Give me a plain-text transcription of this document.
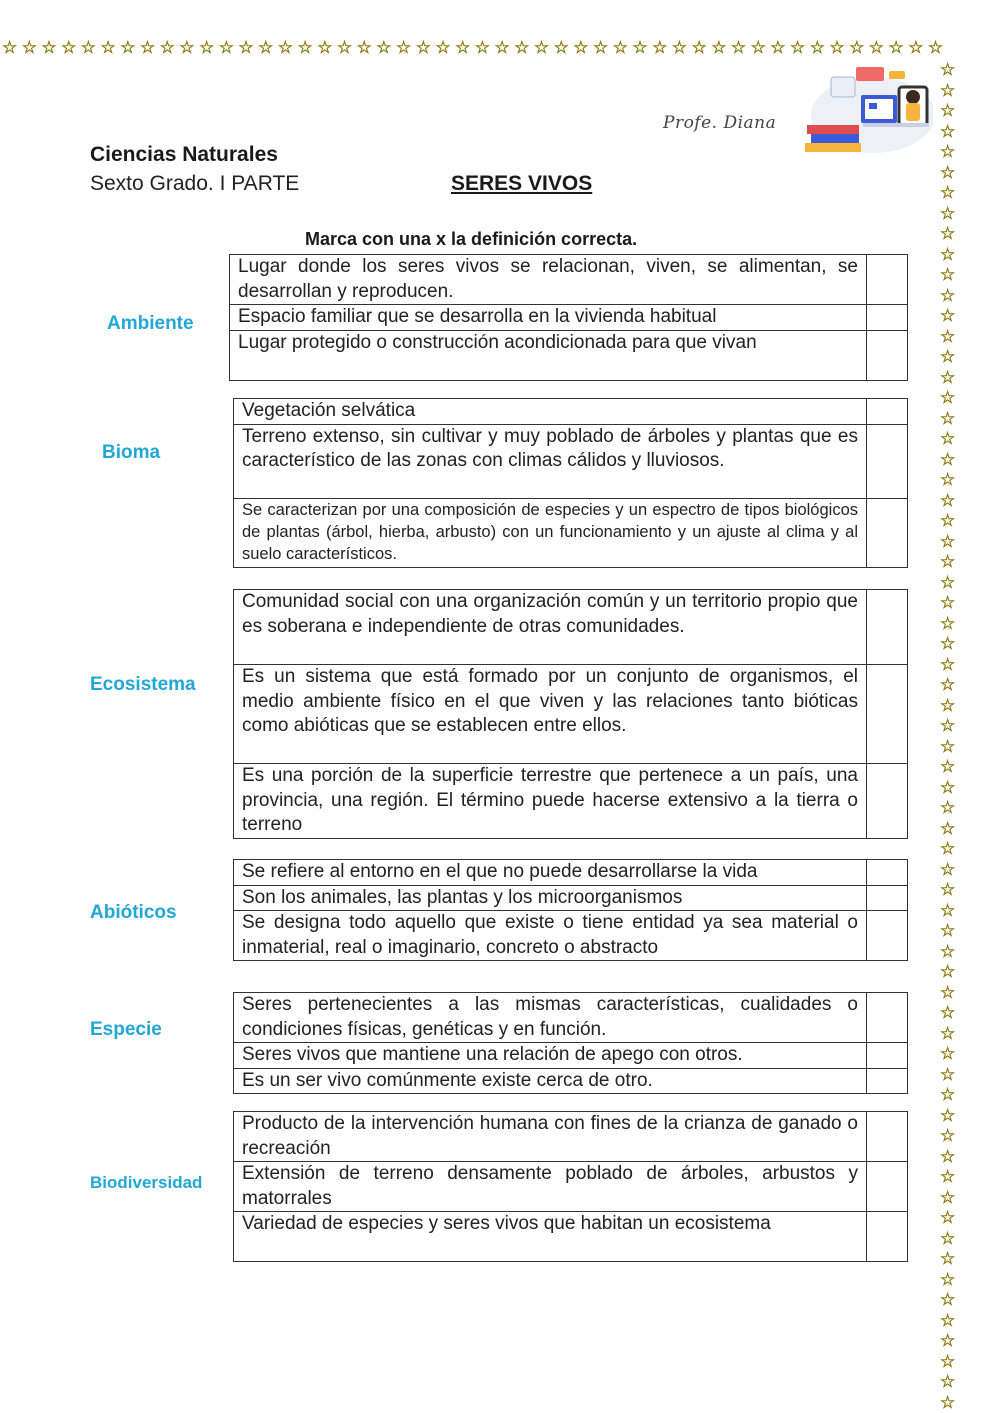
☆ ☆ ☆ ☆ ☆ ☆ ☆ ☆ ☆ ☆ ☆ ☆ ☆ ☆ ☆ ☆ ☆ ☆ ☆ ☆ ☆ ☆ ☆ ☆ ☆ ☆ ☆ ☆ ☆ ☆ ☆ ☆ ☆ ☆ ☆ ☆ ☆ ☆ ☆ ☆ ☆ ☆ ☆ ☆ ☆ ☆ ☆ ☆
☆
☆
☆
☆
☆
☆
☆
☆
☆
☆
☆
☆
☆
☆
☆
☆
☆
☆
☆
☆
☆
☆
☆
☆
☆
☆
☆
☆
☆
☆
☆
☆
☆
☆
☆
☆
☆
☆
☆
☆
☆
☆
☆
☆
☆
☆
☆
☆
☆
☆
☆
☆
☆
☆
☆
☆
☆
☆
☆
☆
☆
☆
☆
☆
☆
☆
Profe. Diana
Ciencias Naturales
Sexto Grado. I PARTE	SERES VIVOS
Marca con una x la definición correcta.
Ambiente
Lugar donde los seres vivos se relacionan, viven, se alimentan, se desarrollan y reproducen.	
Espacio familiar que se desarrolla en la vivienda habitual	
Lugar protegido o construcción acondicionada para que vivan	
Bioma
Vegetación selvática	
Terreno extenso, sin cultivar y muy poblado de árboles y plantas que es característico de las zonas con climas cálidos y lluviosos.	
Se caracterizan por una composición de especies y un espectro de tipos biológicos de plantas (árbol, hierba, arbusto) con un funcionamiento y un ajuste al clima y al suelo característicos.	
Ecosistema
Comunidad social con una organización común y un territorio propio que es soberana e independiente de otras comunidades.	
Es un sistema que está formado por un conjunto de organismos, el medio ambiente físico en el que viven y las relaciones tanto bióticas como abióticas que se establecen entre ellos.	
Es una porción de la superficie terrestre que pertenece a un país, una provincia, una región. El término puede hacerse extensivo a la tierra o terreno	
Abióticos
Se refiere al entorno en el que no puede desarrollarse la vida	
Son los animales, las plantas y los microorganismos	
Se designa todo aquello que existe o tiene entidad ya sea material o inmaterial, real o imaginario, concreto o abstracto	
Especie
Seres pertenecientes a las mismas características, cualidades o condiciones físicas, genéticas y en función.	
Seres vivos que mantiene una relación de apego con otros.	
Es un ser vivo comúnmente existe cerca de otro.	
Biodiversidad
Producto de la intervención humana con fines de la crianza de ganado o recreación	
Extensión de terreno densamente poblado de árboles, arbustos y matorrales	
Variedad de especies y seres vivos que habitan un ecosistema	
